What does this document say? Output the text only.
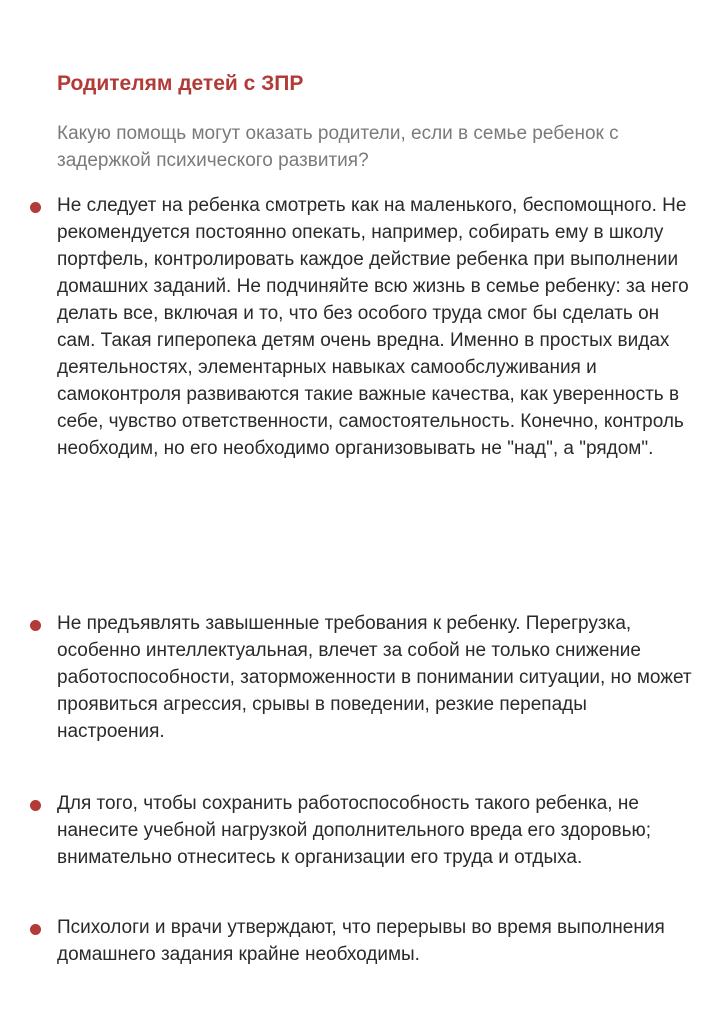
Родителям детей с ЗПР

Какую помощь могут оказать родители, если в семье ребенок с задержкой психического развития?

Не следует на ребенка смотреть как на маленького, беспомощного. Не рекомендуется постоянно опекать, например, собирать ему в школу портфель, контролировать каждое действие ребенка при выполнении домашних заданий. Не подчиняйте всю жизнь в семье ребенку: за него делать все, включая и то, что без особого труда смог бы сделать он сам. Такая гиперопека детям очень вредна. Именно в простых видах деятельностях, элементарных навыках самообслуживания и самоконтроля развиваются такие важные качества, как уверенность в себе, чувство ответственности, самостоятельность. Конечно, контроль необходим, но его необходимо организовывать не "над", а "рядом".

Не предъявлять завышенные требования к ребенку. Перегрузка, особенно интеллектуальная, влечет за собой не только снижение работоспособности, заторможенности в понимании ситуации, но может проявиться агрессия, срывы в поведении, резкие перепады настроения.

Для того, чтобы сохранить работоспособность такого ребенка, не нанесите учебной нагрузкой дополнительного вреда его здоровью; внимательно отнеситесь к организации его труда и отдыха.

Психологи и врачи утверждают, что перерывы во время выполнения домашнего задания крайне необходимы.
